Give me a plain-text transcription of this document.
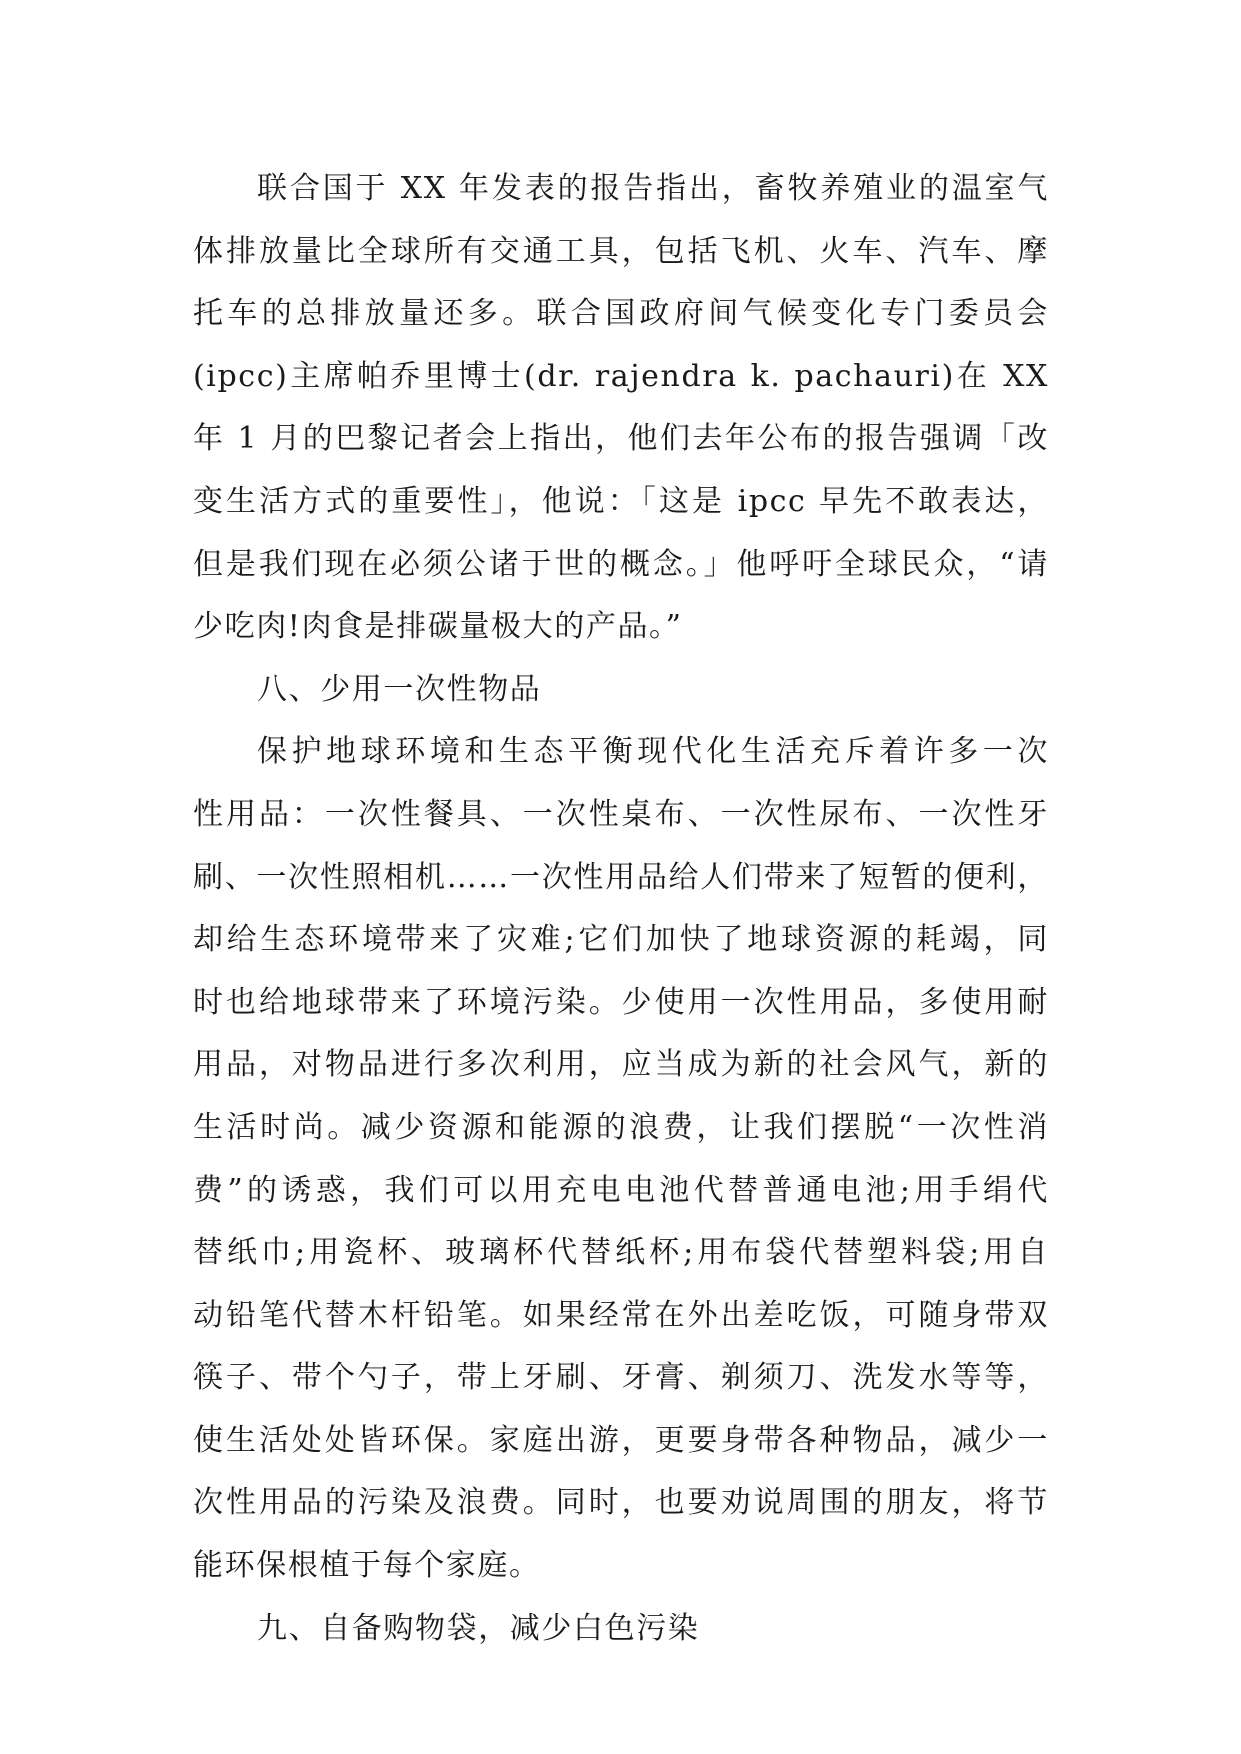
联合国于 XX 年发表的报告指出，畜牧养殖业的温室气
体排放量比全球所有交通工具，包括飞机、火车、汽车、摩
托车的总排放量还多。联合国政府间气候变化专门委员会
(ipcc)主席帕乔里博士(dr. rajendra k. pachauri)在 XX
年 1 月的巴黎记者会上指出，他们去年公布的报告强调「改
变生活方式的重要性」，他说：「这是 ipcc 早先不敢表达，
但是我们现在必须公诸于世的概念。」他呼吁全球民众，“请
少吃肉!肉食是排碳量极大的产品。”
八、少用一次性物品
保护地球环境和生态平衡现代化生活充斥着许多一次
性用品：一次性餐具、一次性桌布、一次性尿布、一次性牙
刷、一次性照相机……一次性用品给人们带来了短暂的便利，
却给生态环境带来了灾难;它们加快了地球资源的耗竭，同
时也给地球带来了环境污染。少使用一次性用品，多使用耐
用品，对物品进行多次利用，应当成为新的社会风气，新的
生活时尚。减少资源和能源的浪费，让我们摆脱“一次性消
费”的诱惑，我们可以用充电电池代替普通电池;用手绢代
替纸巾;用瓷杯、玻璃杯代替纸杯;用布袋代替塑料袋;用自
动铅笔代替木杆铅笔。如果经常在外出差吃饭，可随身带双
筷子、带个勺子，带上牙刷、牙膏、剃须刀、洗发水等等，
使生活处处皆环保。家庭出游，更要身带各种物品，减少一
次性用品的污染及浪费。同时，也要劝说周围的朋友，将节
能环保根植于每个家庭。
九、自备购物袋，减少白色污染
